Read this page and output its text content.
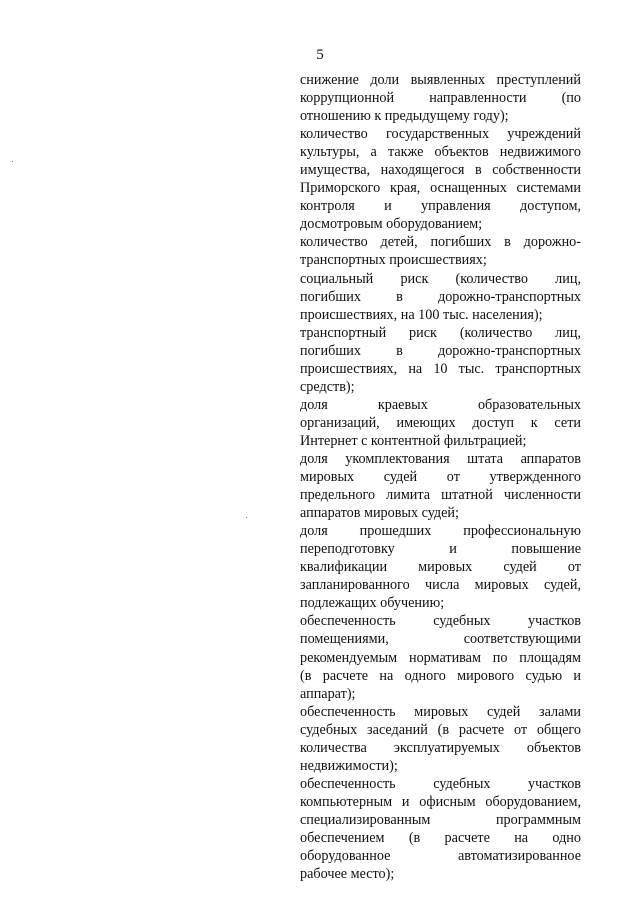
5
снижение доли выявленных преступлений
коррупционной направленности (по
отношению к предыдущему году);
количество государственных учреждений
культуры, а также объектов недвижимого
имущества, находящегося в собственности
Приморского края, оснащенных системами
контроля и управления доступом,
досмотровым оборудованием;
количество детей, погибших в дорожно-
транспортных происшествиях;
социальный риск (количество лиц,
погибших в дорожно-транспортных
происшествиях, на 100 тыс. населения);
транспортный риск (количество лиц,
погибших в дорожно-транспортных
происшествиях, на 10 тыс. транспортных
средств);
доля краевых образовательных
организаций, имеющих доступ к сети
Интернет с контентной фильтрацией;
доля укомплектования штата аппаратов
мировых судей от утвержденного
предельного лимита штатной численности
аппаратов мировых судей;
доля прошедших профессиональную
переподготовку и повышение
квалификации мировых судей от
запланированного числа мировых судей,
подлежащих обучению;
обеспеченность судебных участков
помещениями, соответствующими
рекомендуемым нормативам по площадям
(в расчете на одного мирового судью и
аппарат);
обеспеченность мировых судей залами
судебных заседаний (в расчете от общего
количества эксплуатируемых объектов
недвижимости);
обеспеченность судебных участков
компьютерным и офисным оборудованием,
специализированным программным
обеспечением (в расчете на одно
оборудованное автоматизированное
рабочее место);
